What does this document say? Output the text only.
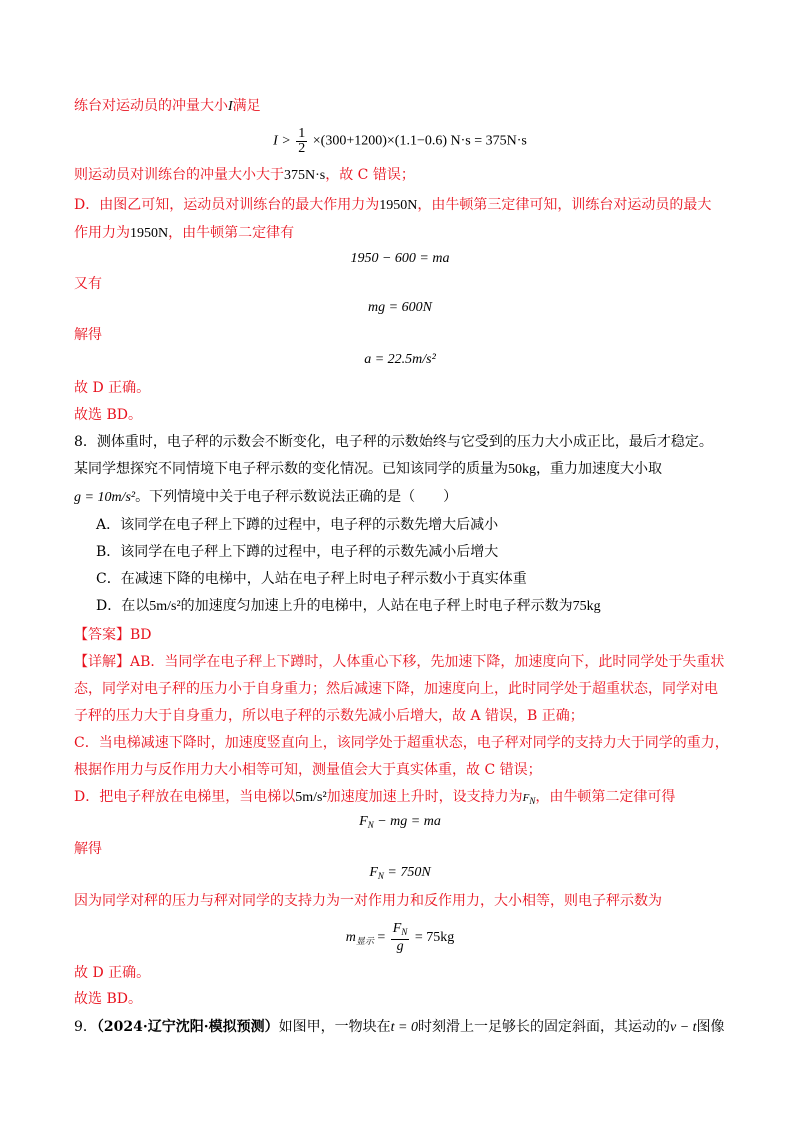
练台对运动员的冲量大小I满足
$I > \frac{1}{2} \times(300+1200)\times(1.1-0.6) N\cdot s = 375N\cdot s$
则运动员对训练台的冲量大小大于375N·s，故 C 错误；
D．由图乙可知，运动员对训练台的最大作用力为1950N，由牛顿第三定律可知，训练台对运动员的最大
作用力为1950N，由牛顿第二定律有
1950 − 600 = ma
又有
mg = 600N
解得
a = 22.5m/s²
故 D 正确。
故选 BD。
8．测体重时，电子秤的示数会不断变化，电子秤的示数始终与它受到的压力大小成正比，最后才稳定。
某同学想探究不同情境下电子秤示数的变化情况。已知该同学的质量为50kg，重力加速度大小取
g = 10m/s²。下列情境中关于电子秤示数说法正确的是（　　）
A．该同学在电子秤上下蹲的过程中，电子秤的示数先增大后减小
B．该同学在电子秤上下蹲的过程中，电子秤的示数先减小后增大
C．在减速下降的电梯中，人站在电子秤上时电子秤示数小于真实体重
D．在以5m/s²的加速度匀加速上升的电梯中，人站在电子秤上时电子秤示数为75kg
【答案】BD
【详解】AB．当同学在电子秤上下蹲时，人体重心下移，先加速下降，加速度向下，此时同学处于失重状
态，同学对电子秤的压力小于自身重力；然后减速下降，加速度向上，此时同学处于超重状态，同学对电
子秤的压力大于自身重力，所以电子秤的示数先减小后增大，故 A 错误，B 正确；
C．当电梯减速下降时，加速度竖直向上，该同学处于超重状态，电子秤对同学的支持力大于同学的重力，
根据作用力与反作用力大小相等可知，测量值会大于真实体重，故 C 错误；
D．把电子秤放在电梯里，当电梯以5m/s²加速度加速上升时，设支持力为$F_N$，由牛顿第二定律可得
$F_N$ − mg = ma
解得
$F_N = 750N$
因为同学对秤的压力与秤对同学的支持力为一对作用力和反作用力，大小相等，则电子秤示数为
$m_{显示} = \frac{F_N}{g} = 75kg$
故 D 正确。
故选 BD。
9．（2024·辽宁沈阳·模拟预测）如图甲，一物块在t = 0时刻滑上一足够长的固定斜面，其运动的v − t图像
